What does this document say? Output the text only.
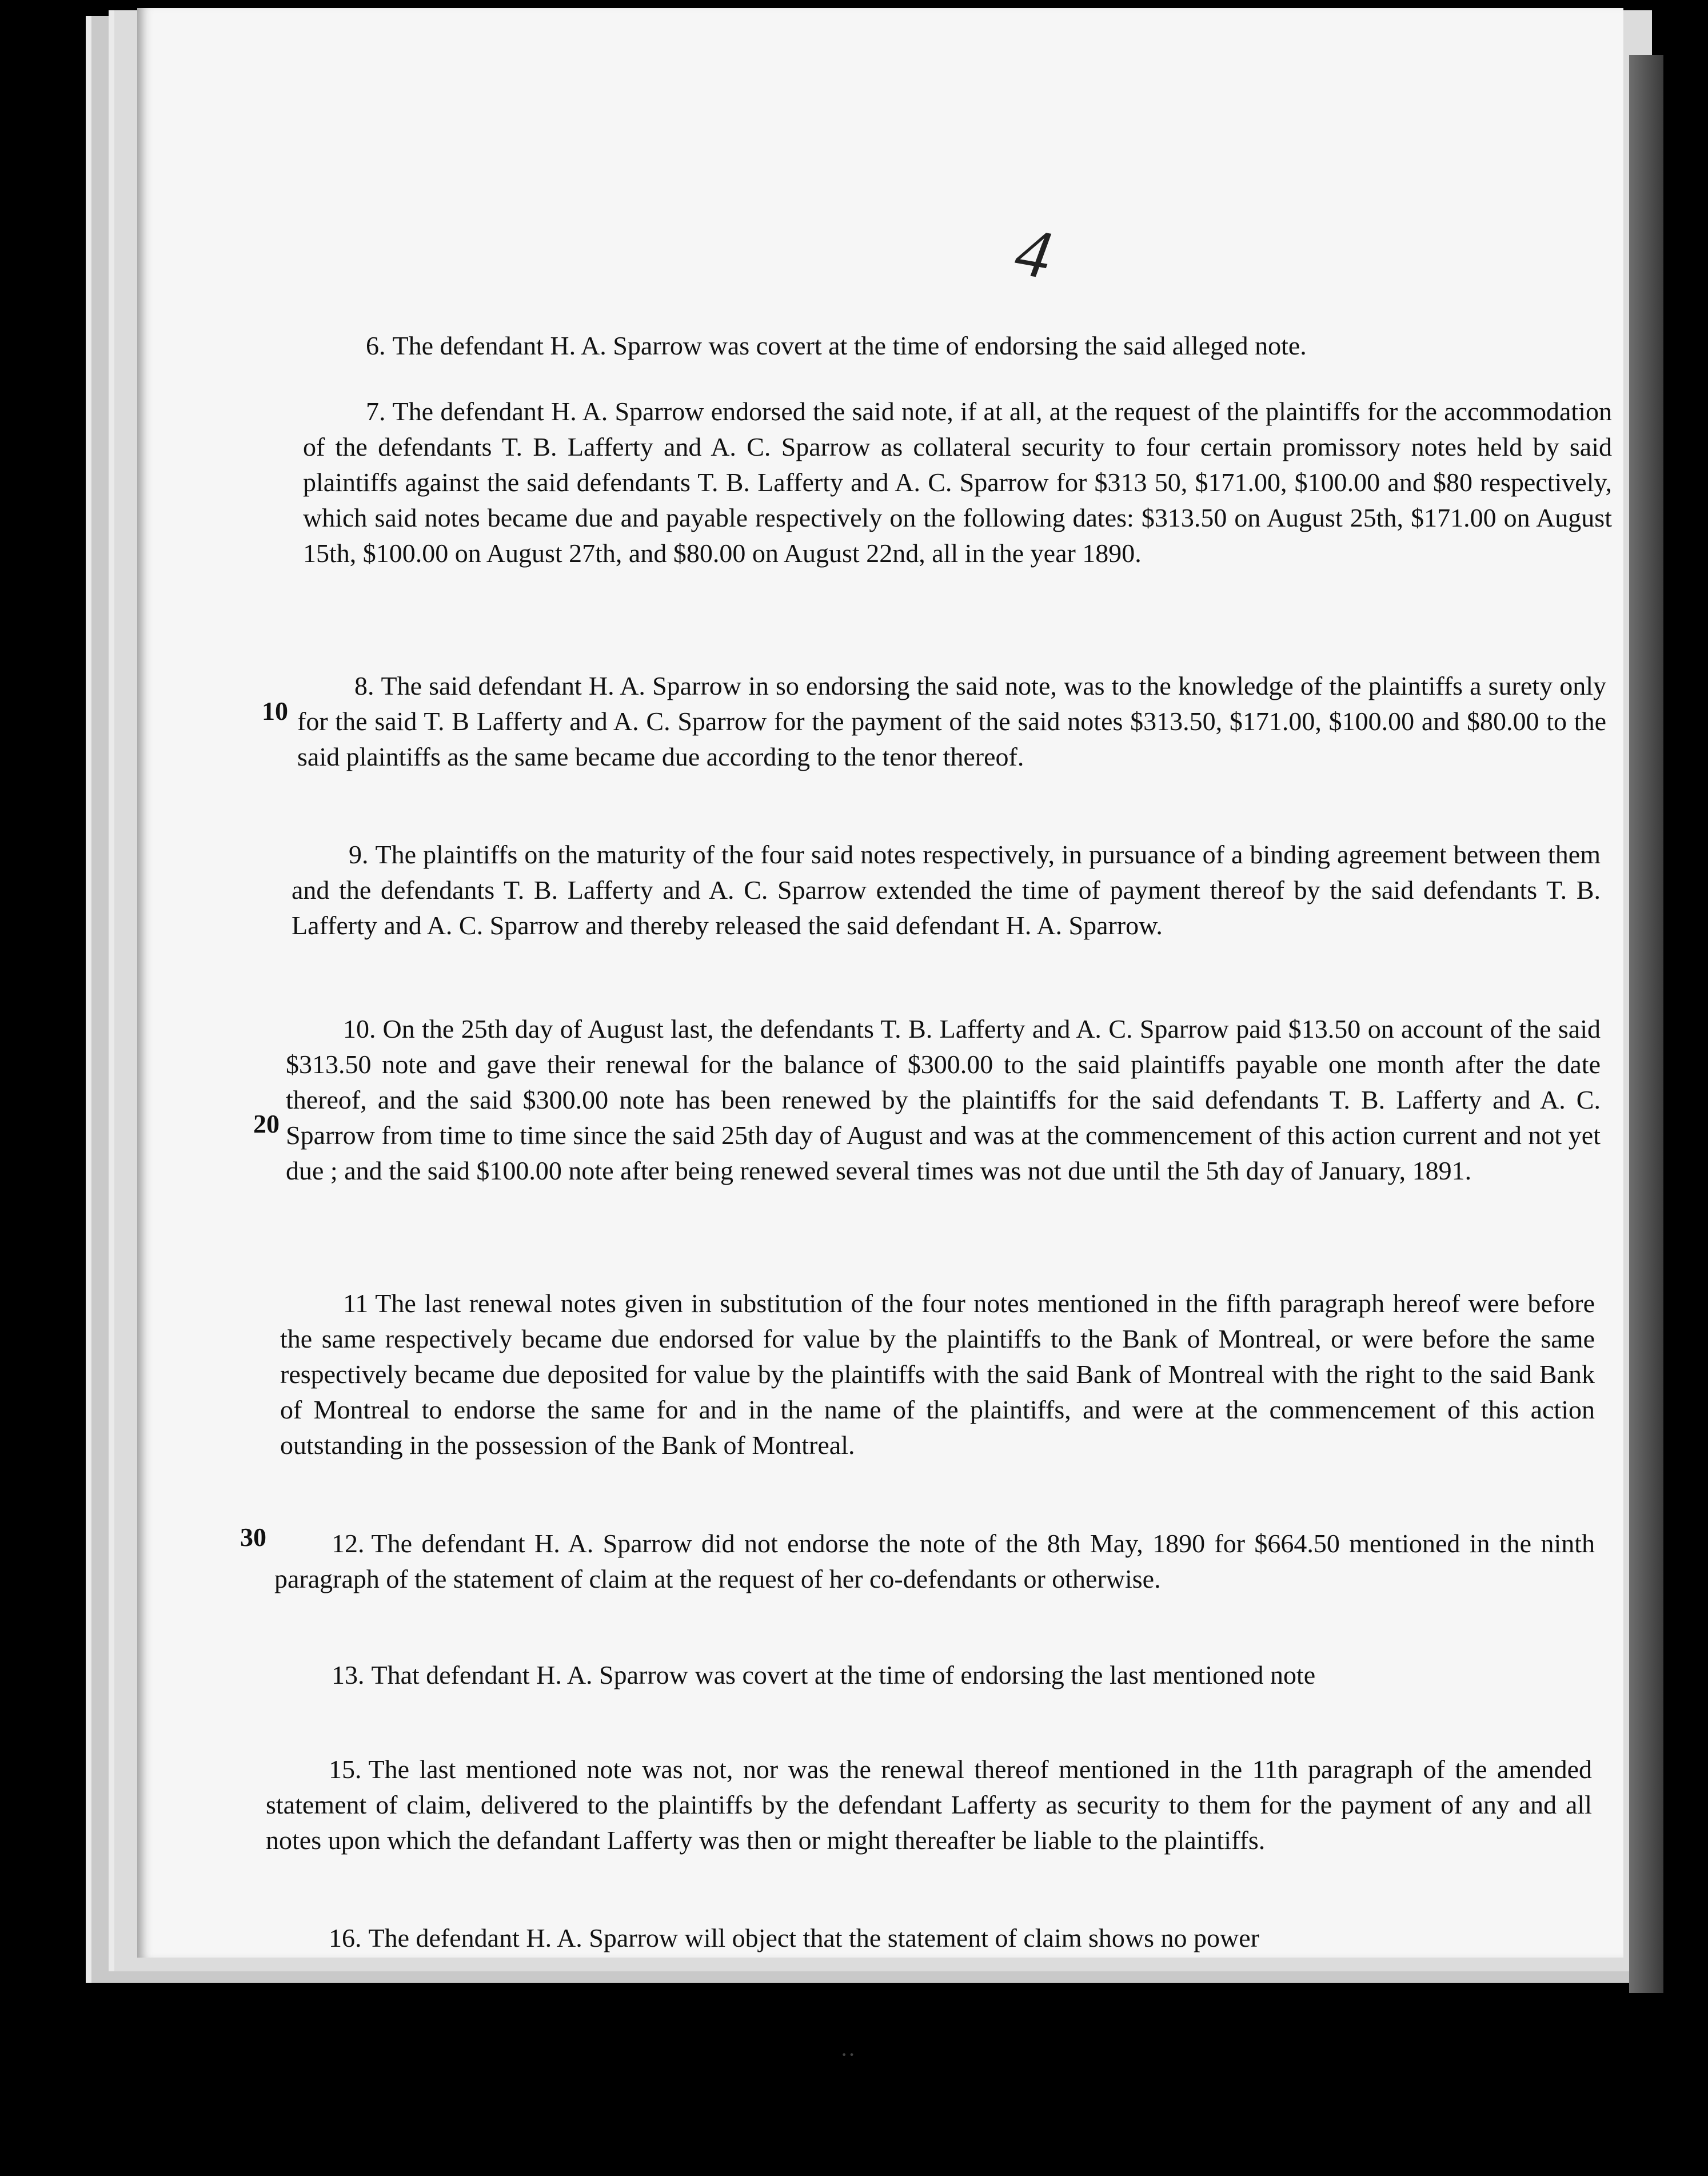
4

6. The defendant H. A. Sparrow was covert at the time of endorsing the said alleged note.

7. The defendant H. A. Sparrow endorsed the said note, if at all, at the request of the plaintiffs for the accommodation of the defendants T. B. Lafferty and A. C. Sparrow as collateral security to four certain promissory notes held by said plaintiffs against the said defendants T. B. Lafferty and A. C. Sparrow for $313 50, $171.00, $100.00 and $80 respectively, which said notes became due and payable respectively on the following dates: $313.50 on August 25th, $171.00 on August 15th, $100.00 on August 27th, and $80.00 on August 22nd, all in the year 1890.

8. The said defendant H. A. Sparrow in so endorsing the said note, was to the knowledge of the plaintiffs a surety only for the said T. B Lafferty and A. C. Sparrow for the payment of the said notes $313.50, $171.00, $100.00 and $80.00 to the said plaintiffs as the same became due according to the tenor thereof.

9. The plaintiffs on the maturity of the four said notes respectively, in pursuance of a binding agreement between them and the defendants T. B. Lafferty and A. C. Sparrow extended the time of payment thereof by the said defendants T. B. Lafferty and A. C. Sparrow and thereby released the said defendant H. A. Sparrow.

10. On the 25th day of August last, the defendants T. B. Lafferty and A. C. Sparrow paid $13.50 on account of the said $313.50 note and gave their renewal for the balance of $300.00 to the said plaintiffs payable one month after the date thereof, and the said $300.00 note has been renewed by the plaintiffs for the said defendants T. B. Lafferty and A. C. Sparrow from time to time since the said 25th day of August and was at the commencement of this action current and not yet due ; and the said $100.00 note after being renewed several times was not due until the 5th day of January, 1891.

11 The last renewal notes given in substitution of the four notes mentioned in the fifth paragraph hereof were before the same respectively became due endorsed for value by the plaintiffs to the Bank of Montreal, or were before the same respectively became due deposited for value by the plaintiffs with the said Bank of Montreal with the right to the said Bank of Montreal to endorse the same for and in the name of the plaintiffs, and were at the commencement of this action outstanding in the possession of the Bank of Montreal.

12. The defendant H. A. Sparrow did not endorse the note of the 8th May, 1890 for $664.50 mentioned in the ninth paragraph of the statement of claim at the request of her co-defendants or otherwise.

13. That defendant H. A. Sparrow was covert at the time of endorsing the last mentioned note

15. The last mentioned note was not, nor was the renewal thereof mentioned in the 11th paragraph of the amended statement of claim, delivered to the plaintiffs by the defendant Lafferty as security to them for the payment of any and all notes upon which the defandant Lafferty was then or might thereafter be liable to the plaintiffs.

16. The defendant H. A. Sparrow will object that the statement of claim shows no power

10
20
30
··
